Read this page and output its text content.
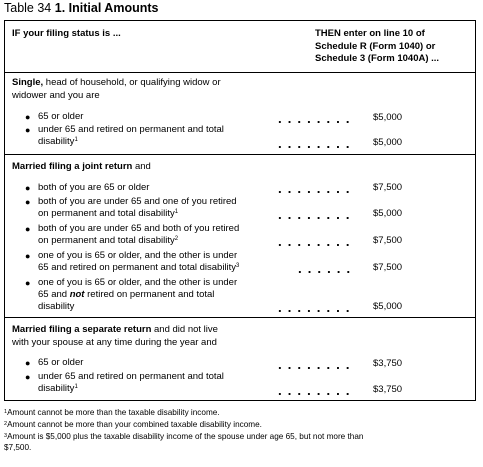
Table 34 1. Initial Amounts
IF your filing status is ...	THEN enter on line 10 of
Schedule R (Form 1040) or
Schedule 3 (Form 1040A) ...
Single, head of household, or qualifying widow or
widower and you are
● 65 or older	$5,000
● under 65 and retired on permanent and total
disability$^1$	$5,000
Married filing a joint return and
● both of you are 65 or older	$7,500
● both of you are under 65 and one of you retired
on permanent and total disability$^1$	$5,000
● both of you are under 65 and both of you retired
on permanent and total disability$^2$	$7,500
● one of you is 65 or older, and the other is under
65 and retired on permanent and total disability$^3$	$7,500
● one of you is 65 or older, and the other is under
65 and not retired on permanent and total
disability	$5,000
Married filing a separate return and did not live
with your spouse at any time during the year and
● 65 or older	$3,750
● under 65 and retired on permanent and total
disability$^1$	$3,750
$^1$Amount cannot be more than the taxable disability income.
$^2$Amount cannot be more than your combined taxable disability income.
$^3$Amount is $5,000 plus the taxable disability income of the spouse under age 65, but not more than
$7,500.
